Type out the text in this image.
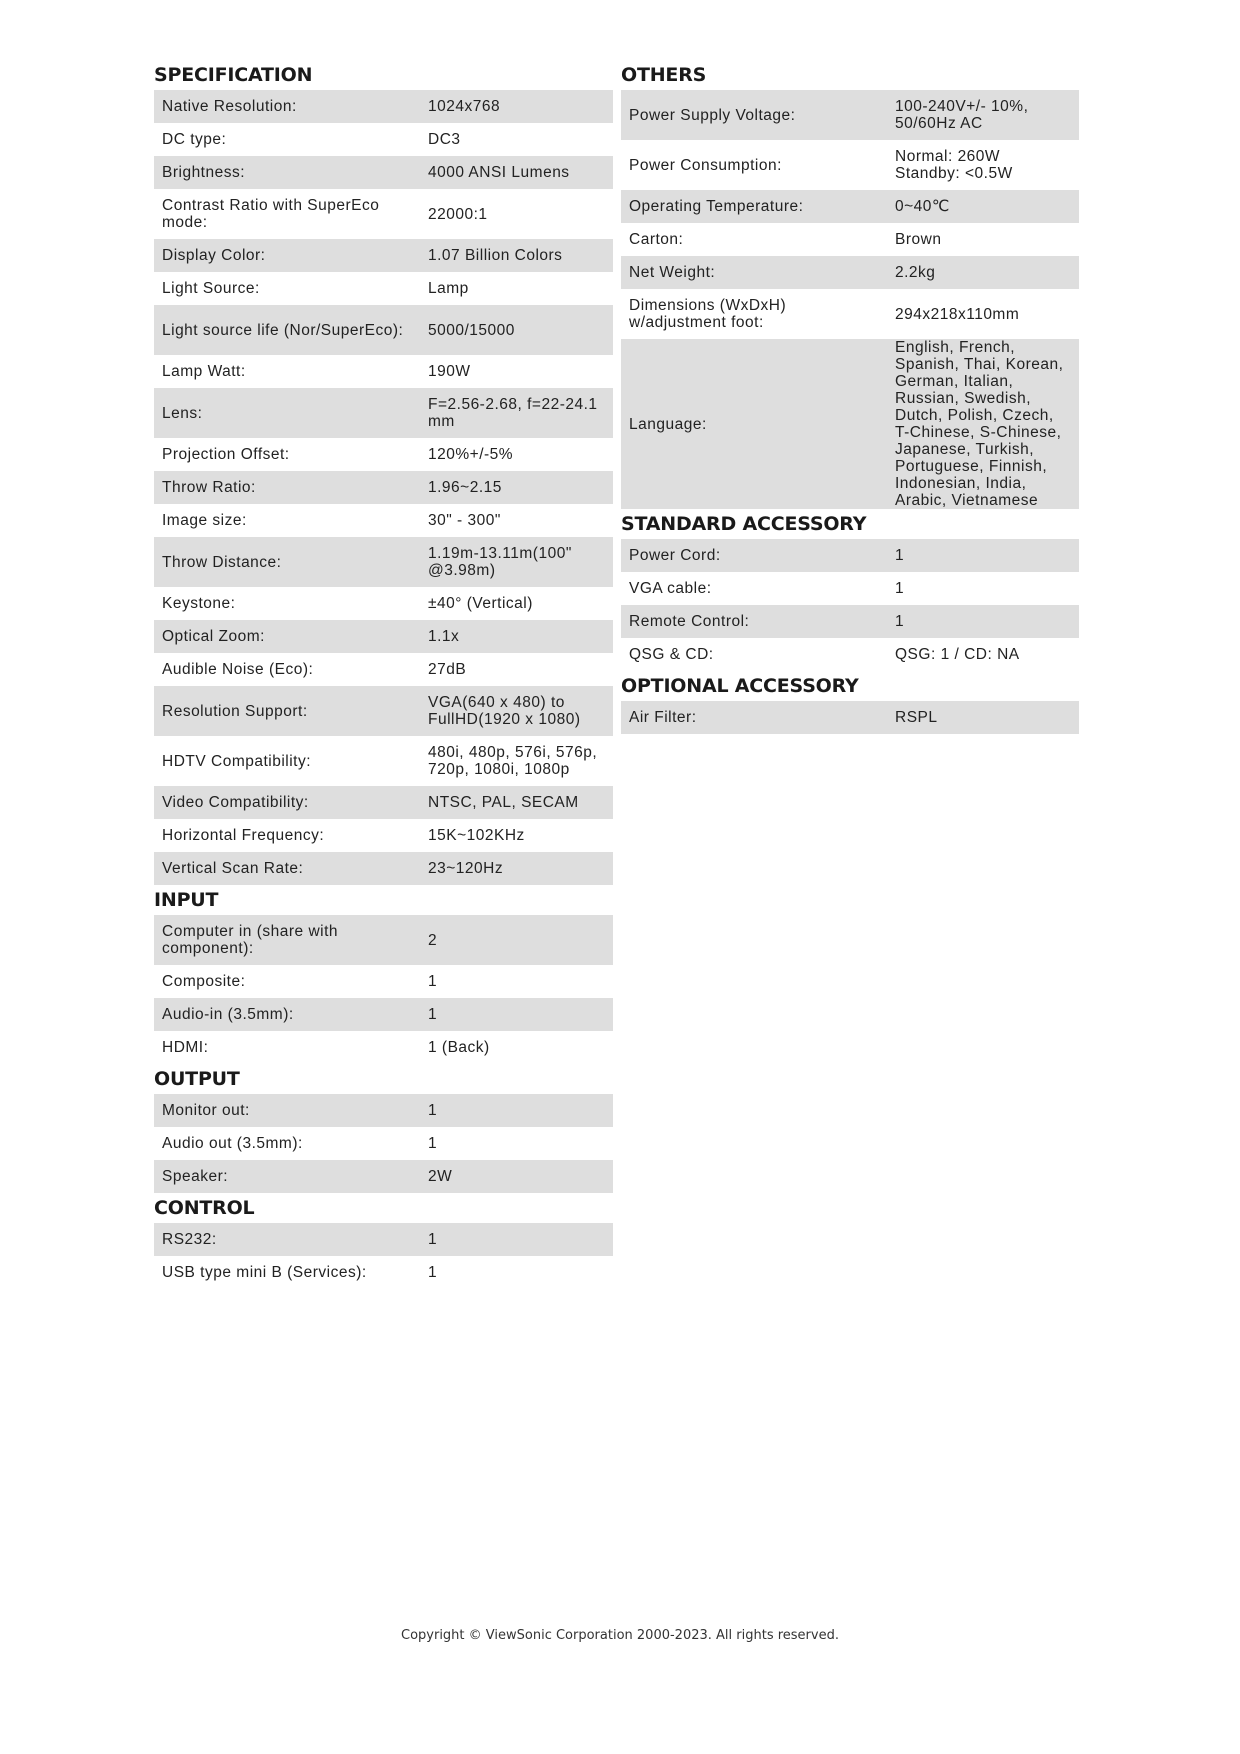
SPECIFICATION
Native Resolution:	1024x768
DC type:	DC3
Brightness:	4000 ANSI Lumens
Contrast Ratio with SuperEco mode:	22000:1
Display Color:	1.07 Billion Colors
Light Source:	Lamp
Light source life (Nor/SuperEco):	5000/15000
Lamp Watt:	190W
Lens:	F=2.56-2.68, f=22-24.1 mm
Projection Offset:	120%+/-5%
Throw Ratio:	1.96~2.15
Image size:	30" - 300"
Throw Distance:	1.19m-13.11m(100" @3.98m)
Keystone:	±40° (Vertical)
Optical Zoom:	1.1x
Audible Noise (Eco):	27dB
Resolution Support:	VGA(640 x 480) to FullHD(1920 x 1080)
HDTV Compatibility:	480i, 480p, 576i, 576p, 720p, 1080i, 1080p
Video Compatibility:	NTSC, PAL, SECAM
Horizontal Frequency:	15K~102KHz
Vertical Scan Rate:	23~120Hz
INPUT
Computer in (share with component):	2
Composite:	1
Audio-in (3.5mm):	1
HDMI:	1 (Back)
OUTPUT
Monitor out:	1
Audio out (3.5mm):	1
Speaker:	2W
CONTROL
RS232:	1
USB type mini B (Services):	1
OTHERS
Power Supply Voltage:	100-240V+/- 10%, 50/60Hz AC
Power Consumption:	Normal: 260W
Standby: <0.5W
Operating Temperature:	0~40℃
Carton:	Brown
Net Weight:	2.2kg
Dimensions (WxDxH) w/adjustment foot:	294x218x110mm
Language:
English, French, Spanish, Thai, Korean, German, Italian, Russian, Swedish, Dutch, Polish, Czech, T-Chinese, S-Chinese, Japanese, Turkish, Portuguese, Finnish, Indonesian, India, Arabic, Vietnamese
STANDARD ACCESSORY
Power Cord:	1
VGA cable:	1
Remote Control:	1
QSG & CD:	QSG: 1 / CD: NA
OPTIONAL ACCESSORY
Air Filter:	RSPL
Copyright © ViewSonic Corporation 2000-2023. All rights reserved.
